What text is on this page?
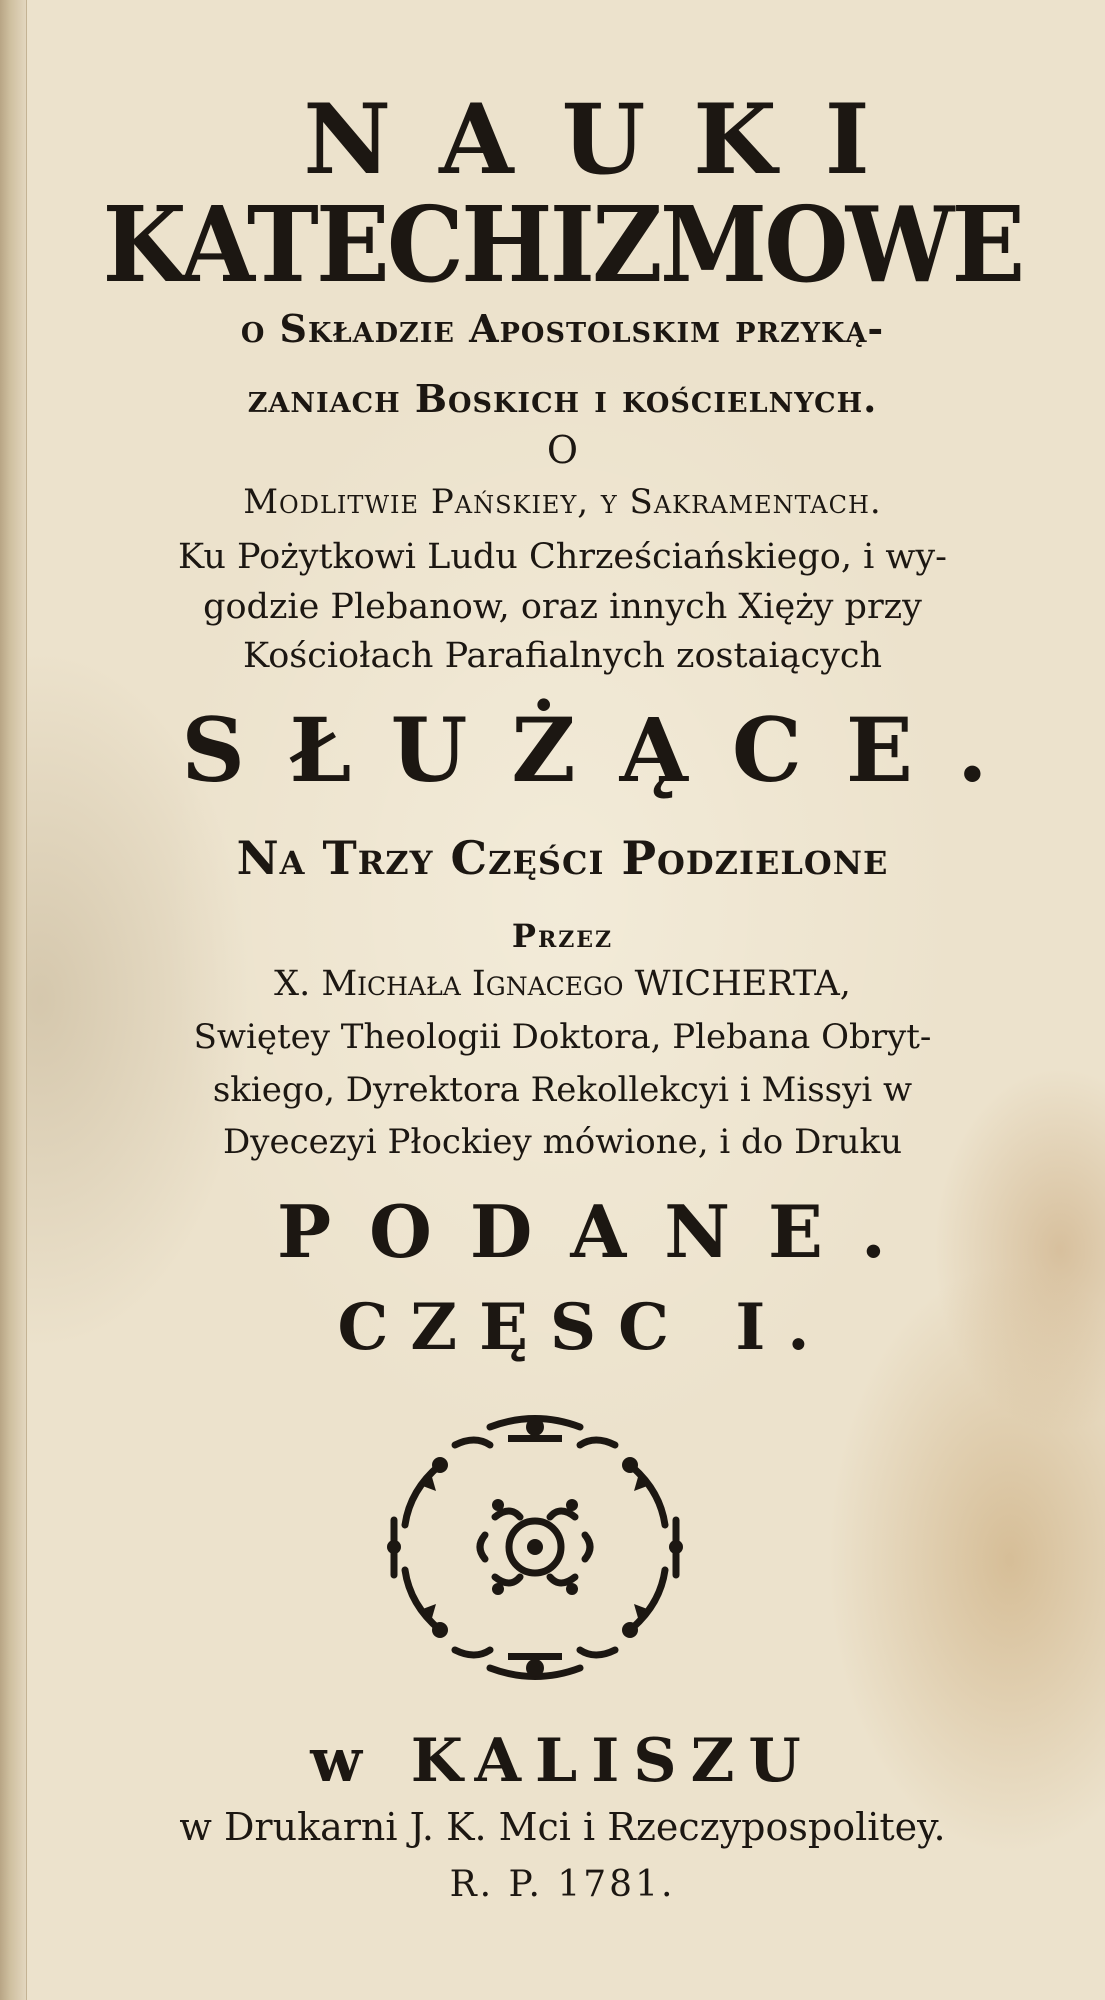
NAUKI

KATECHIZMOWE

o Składzie Apostolskim przyką-

zaniach Boskich i kościelnych.

O

Modlitwie Pańskiey, y Sakramentach.

Ku Pożytkowi Ludu Chrześciańskiego, i wy-

godzie Plebanow, oraz innych Xięży przy

Kościołach Parafialnych zostaiących

SŁUŻĄCE.

Na Trzy Części Podzielone

Przez

X. Michała Ignacego WICHERTA,

Swiętey Theologii Doktora, Plebana Obryt-

skiego, Dyrektora Rekollekcyi i Missyi w

Dyecezyi Płockiey mówione, i do Druku

PODANE.

CZĘSC I.

w KALISZU

w Drukarni J. K. Mci i Rzeczypospolitey.

R. P. 1781.
